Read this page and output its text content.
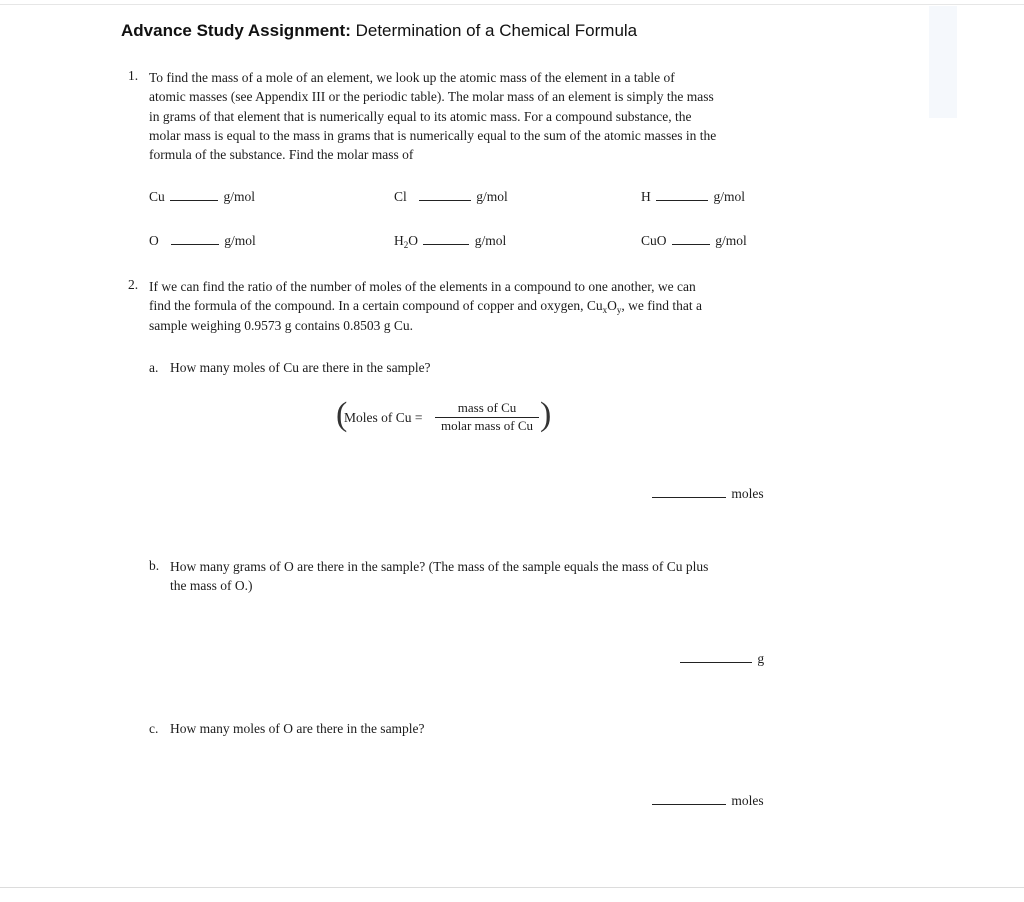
Advance Study Assignment: Determination of a Chemical Formula
1. To find the mass of a mole of an element, we look up the atomic mass of the element in a table of
atomic masses (see Appendix III or the periodic table). The molar mass of an element is simply the mass
in grams of that element that is numerically equal to its atomic mass. For a compound substance, the
molar mass is equal to the mass in grams that is numerically equal to the sum of the atomic masses in the
formula of the substance. Find the molar mass of
Cu	g/mol	Cl	g/mol	H	g/mol
O	g/mol	$H_2O$	g/mol	CuO	g/mol
2. If we can find the ratio of the number of moles of the elements in a compound to one another, we can
find the formula of the compound. In a certain compound of copper and oxygen, $Cu_xO_y$, we find that a
sample weighing 0.9573 g contains 0.8503 g Cu.
a. How many moles of Cu are there in the sample?
(
Moles of Cu =
mass of Cu
molar mass of Cu )
moles
b. How many grams of O are there in the sample? (The mass of the sample equals the mass of Cu plus
the mass of O.)
g
c. How many moles of O are there in the sample?
moles
